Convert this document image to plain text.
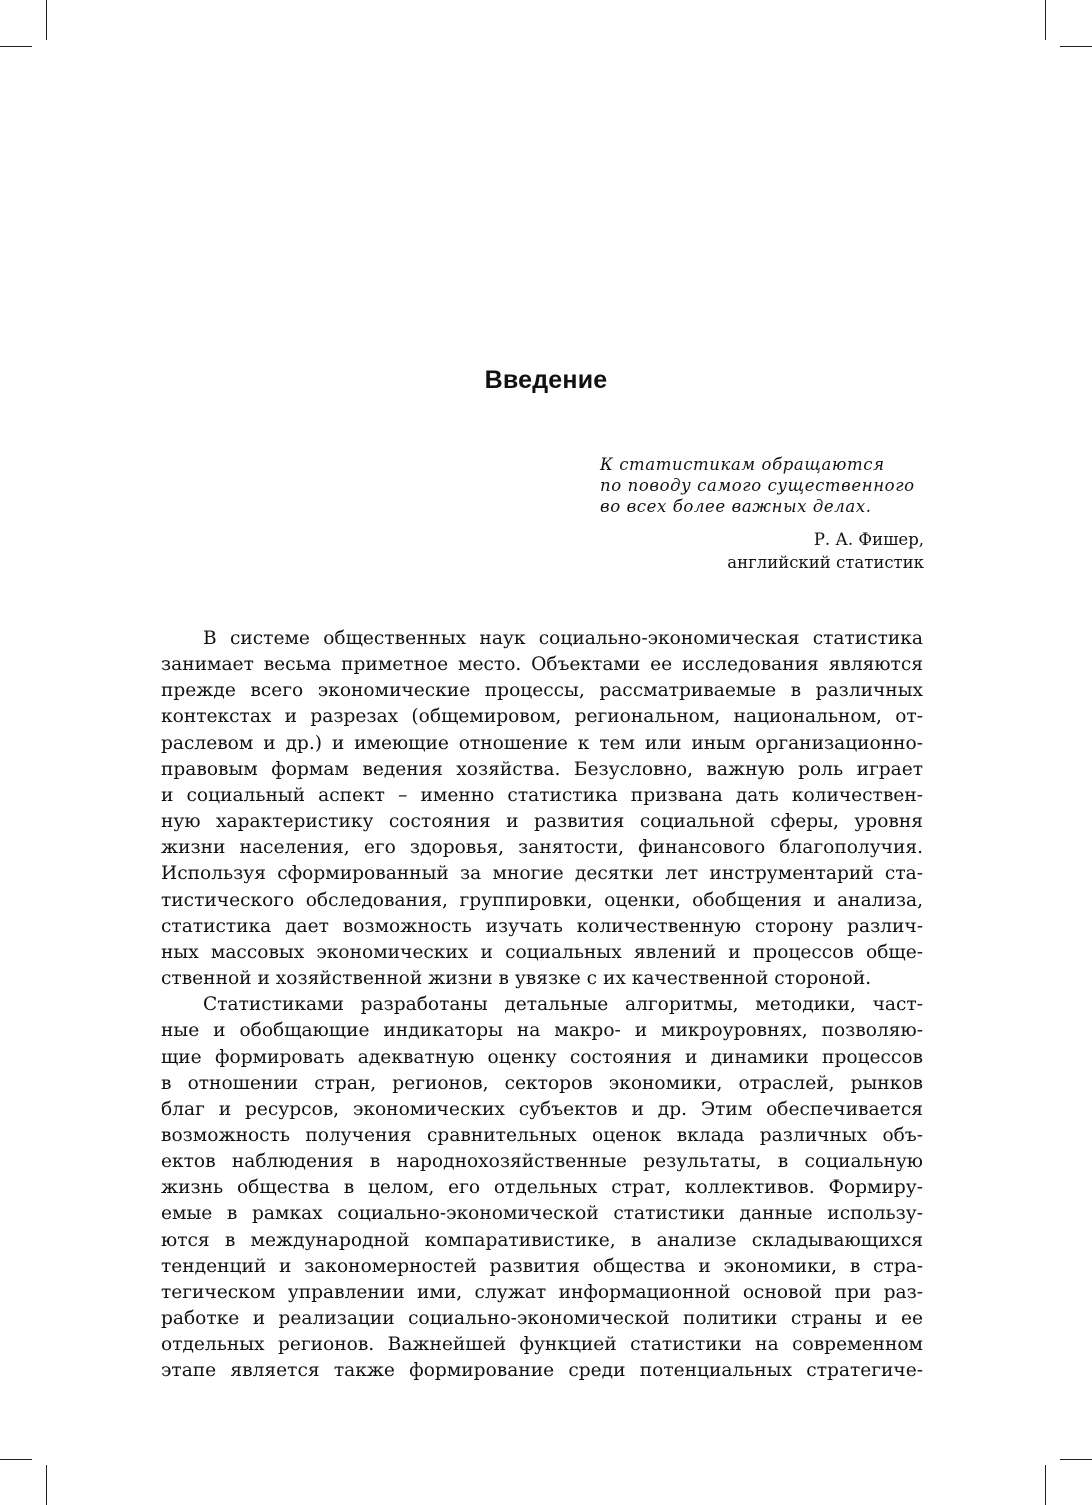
Введение
К статистикам обращаются
по поводу самого существенного
во всех более важных делах.
Р. А. Фишер,
английский статистик
В системе общественных наук социально-экономическая статистика
занимает весьма приметное место. Объектами ее исследования являются
прежде всего экономические процессы, рассматриваемые в различных
контекстах и разрезах (общемировом, региональном, национальном, от-
раслевом и др.) и имеющие отношение к тем или иным организационно-
правовым формам ведения хозяйства. Безусловно, важную роль играет
и социальный аспект – именно статистика призвана дать количествен-
ную характеристику состояния и развития социальной сферы, уровня
жизни населения, его здоровья, занятости, финансового благополучия.
Используя сформированный за многие десятки лет инструментарий ста-
тистического обследования, группировки, оценки, обобщения и анализа,
статистика дает возможность изучать количественную сторону различ-
ных массовых экономических и социальных явлений и процессов обще-
ственной и хозяйственной жизни в увязке с их качественной стороной.
Статистиками разработаны детальные алгоритмы, методики, част-
ные и обобщающие индикаторы на макро- и микроуровнях, позволяю-
щие формировать адекватную оценку состояния и динамики процессов
в отношении стран, регионов, секторов экономики, отраслей, рынков
благ и ресурсов, экономических субъектов и др. Этим обеспечивается
возможность получения сравнительных оценок вклада различных объ-
ектов наблюдения в народнохозяйственные результаты, в социальную
жизнь общества в целом, его отдельных страт, коллективов. Формиру-
емые в рамках социально-экономической статистики данные использу-
ются в международной компаративистике, в анализе складывающихся
тенденций и закономерностей развития общества и экономики, в стра-
тегическом управлении ими, служат информационной основой при раз-
работке и реализации социально-экономической политики страны и ее
отдельных регионов. Важнейшей функцией статистики на современном
этапе является также формирование среди потенциальных стратегиче-
